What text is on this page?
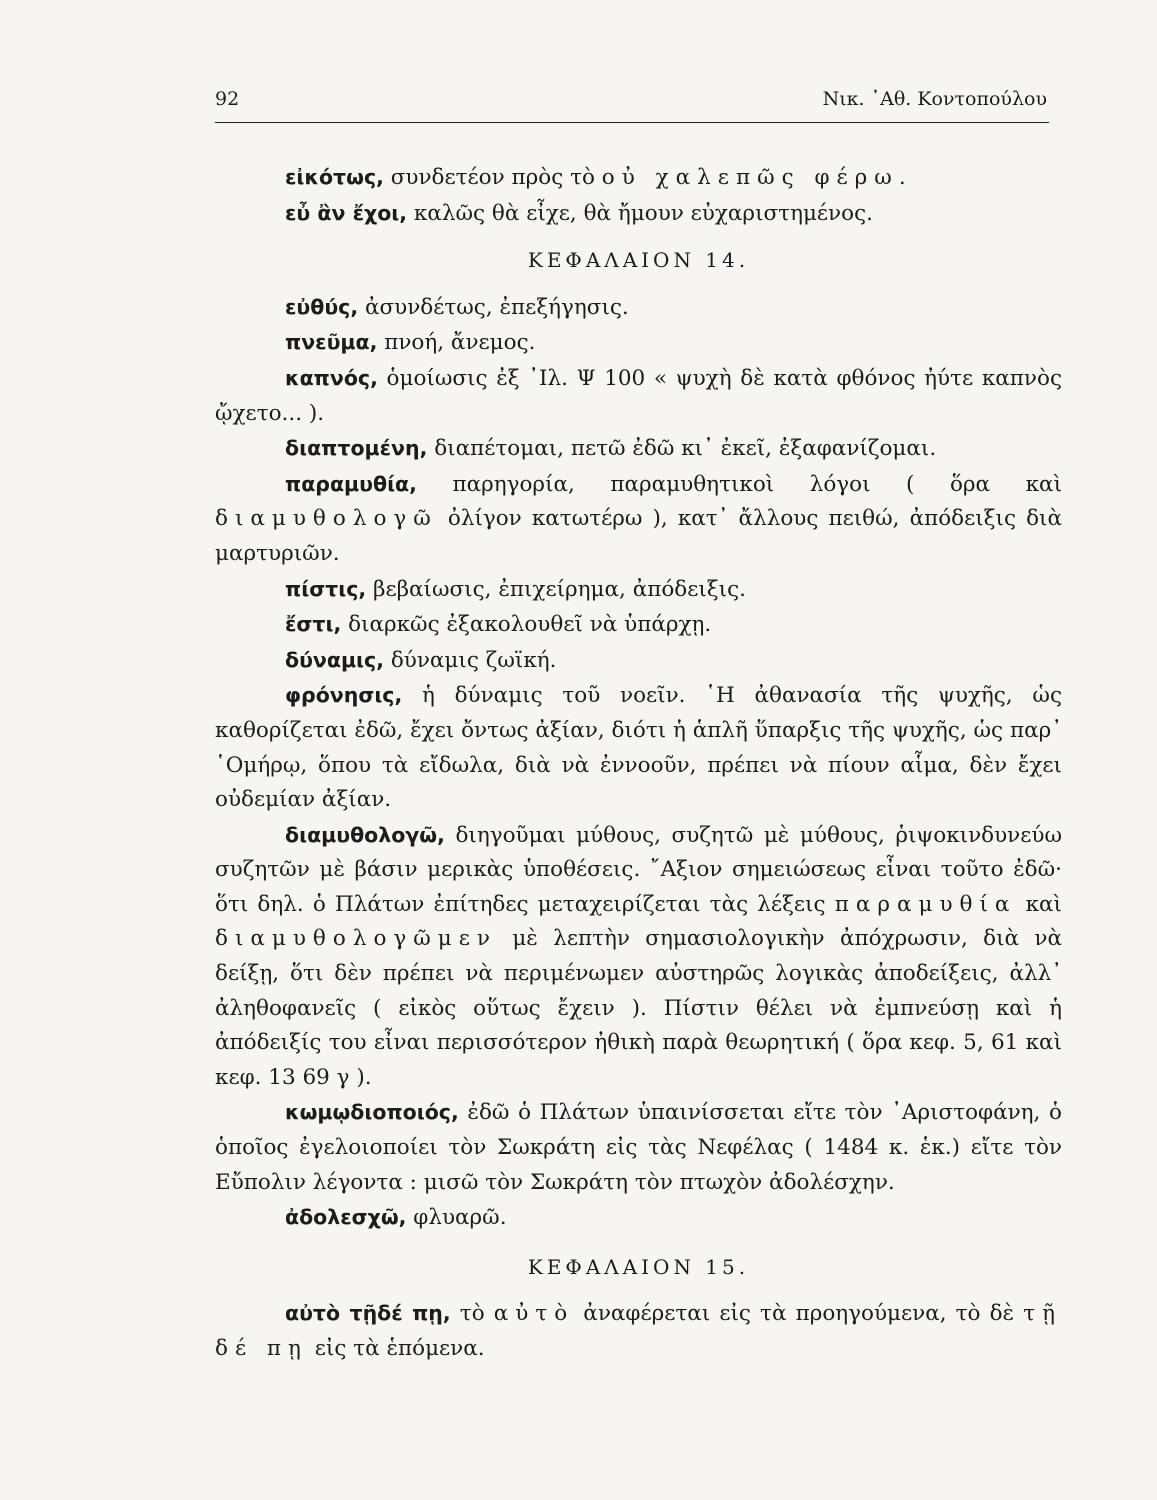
92	Νικ. ᾿Αθ. Κοντοπούλου

εἰκότως, συνδετέον πρὸς τὸ οὐ χαλεπῶς φέρω.

εὖ ἂν ἔχοι, καλῶς θὰ εἶχε, θὰ ἤμουν εὐχαριστημένος.

ΚΕΦΑΛΑΙΟΝ 14.

εὐθύς, ἀσυνδέτως, ἐπεξήγησις.

πνεῦμα, πνοή, ἄνεμος.

καπνός, ὁμοίωσις ἐξ ᾿Ιλ. Ψ 100 « ψυχὴ δὲ κατὰ φθόνος ἠύτε καπνὸς ᾤχετο... ).

διαπτομένη, διαπέτομαι, πετῶ ἐδῶ κι᾿ ἐκεῖ, ἐξαφανίζομαι.

παραμυθία, παρηγορία, παραμυθητικοὶ λόγοι ( ὅρα καὶ διαμυθολογῶ ὀλίγον κατωτέρω ), κατ᾿ ἄλλους πειθώ, ἀπόδειξις διὰ μαρτυριῶν.

πίστις, βεβαίωσις, ἐπιχείρημα, ἀπόδειξις.

ἔστι, διαρκῶς ἐξακολουθεῖ νὰ ὑπάρχῃ.

δύναμις, δύναμις ζωϊκή.

φρόνησις, ἡ δύναμις τοῦ νοεῖν. ῾Η ἀθανασία τῆς ψυχῆς, ὡς καθορίζεται ἐδῶ, ἔχει ὄντως ἀξίαν, διότι ἡ ἁπλῆ ὕπαρξις τῆς ψυχῆς, ὡς παρ᾿ ῾Ομήρῳ, ὅπου τὰ εἴδωλα, διὰ νὰ ἐννοοῦν, πρέπει νὰ πίουν αἷμα, δὲν ἔχει οὐδεμίαν ἀξίαν.

διαμυθολογῶ, διηγοῦμαι μύθους, συζητῶ μὲ μύθους, ῥιψοκινδυνεύω συζητῶν μὲ βάσιν μερικὰς ὑποθέσεις. ῎Αξιον σημειώσεως εἶναι τοῦτο ἐδῶ· ὅτι δηλ. ὁ Πλάτων ἐπίτηδες μεταχειρίζεται τὰς λέξεις παραμυθία καὶ διαμυθολογῶμεν μὲ λεπτὴν σημασιολογικὴν ἀπόχρωσιν, διὰ νὰ δείξῃ, ὅτι δὲν πρέπει νὰ περιμένωμεν αὐστηρῶς λογικὰς ἀποδείξεις, ἀλλ᾿ ἀληθοφανεῖς ( εἰκὸς οὕτως ἔχειν ). Πίστιν θέλει νὰ ἐμπνεύσῃ καὶ ἡ ἀπόδειξίς του εἶναι περισσότερον ἠθικὴ παρὰ θεωρητική ( ὅρα κεφ. 5, 61 καὶ κεφ. 13 69 γ ).

κωμῳδιοποιός, ἐδῶ ὁ Πλάτων ὑπαινίσσεται εἴτε τὸν ᾿Αριστοφάνη, ὁ ὁποῖος ἐγελοιοποίει τὸν Σωκράτη εἰς τὰς Νεφέλας ( 1484 κ. ἑκ.) εἴτε τὸν Εὔπολιν λέγοντα : μισῶ τὸν Σωκράτη τὸν πτωχὸν ἀδολέσχην.

ἀδολεσχῶ, φλυαρῶ.

ΚΕΦΑΛΑΙΟΝ 15.

αὐτὸ τῇδέ πῃ, τὸ αὐτὸ ἀναφέρεται εἰς τὰ προηγούμενα, τὸ δὲ τῇ δέ πῃ εἰς τὰ ἑπόμενα.
